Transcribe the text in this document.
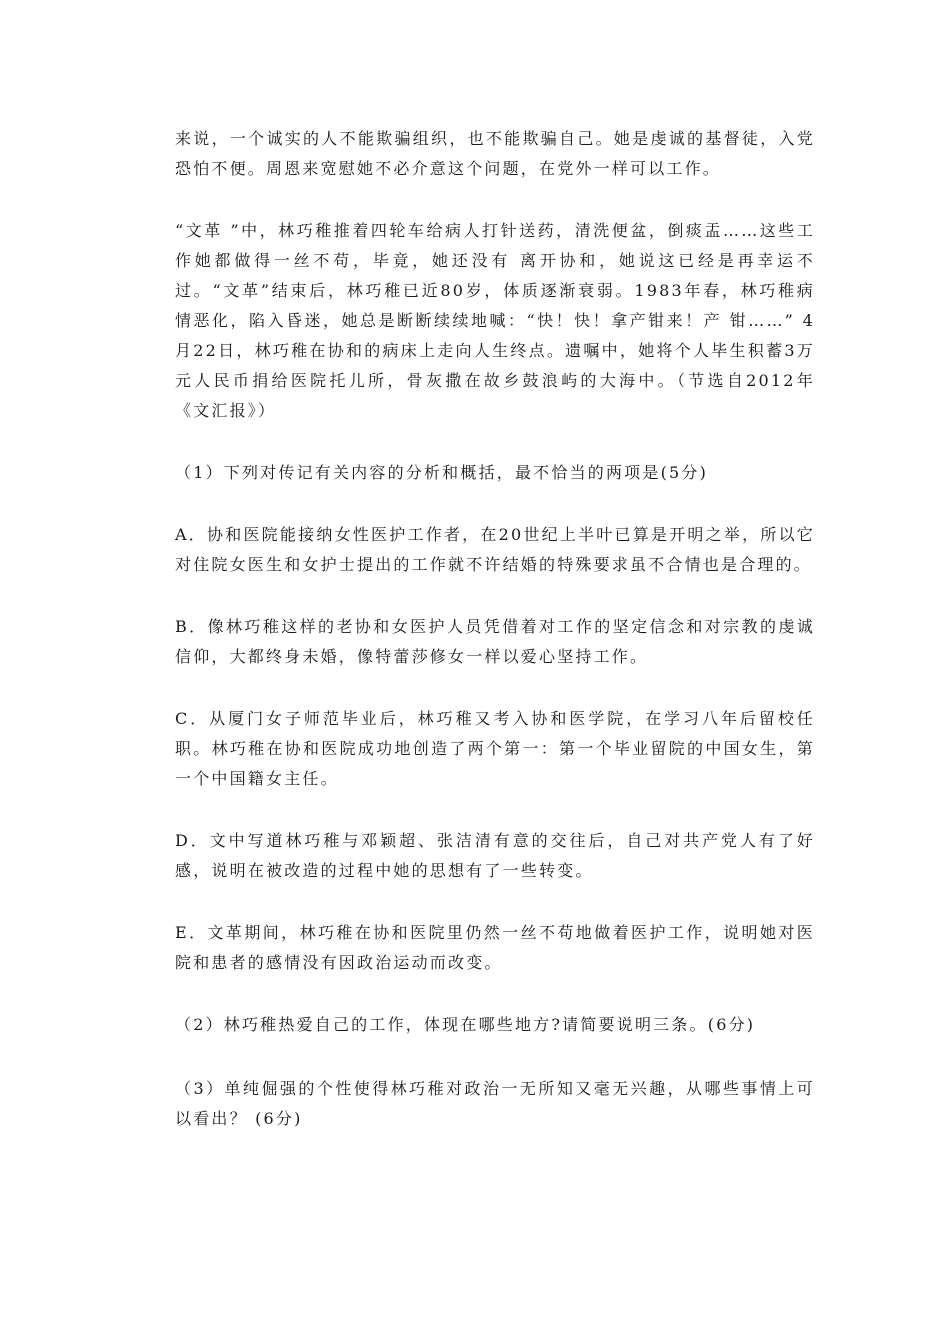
来说，一个诚实的人不能欺骗组织，也不能欺骗自己。她是虔诚的基督徒，入党恐怕不便。周恩来宽慰她不必介意这个问题，在党外一样可以工作。

“文革 ”中，林巧稚推着四轮车给病人打针送药，清洗便盆，倒痰盂……这些工作她都做得一丝不苟，毕竟，她还没有 离开协和，她说这已经是再幸运不过。“文革”结束后，林巧稚已近80岁，体质逐渐衰弱。1983年春，林巧稚病情恶化，陷入昏迷，她总是断断续续地喊：“快！快！拿产钳来！产 钳……” 4月22日，林巧稚在协和的病床上走向人生终点。遗嘱中，她将个人毕生积蓄3万元人民币捐给医院托儿所，骨灰撒在故乡鼓浪屿的大海中。（节选自2012年《文汇报》）

（1）下列对传记有关内容的分析和概括，最不恰当的两项是(5分)

A．协和医院能接纳女性医护工作者，在20世纪上半叶已算是开明之举，所以它对住院女医生和女护士提出的工作就不许结婚的特殊要求虽不合情也是合理的。

B．像林巧稚这样的老协和女医护人员凭借着对工作的坚定信念和对宗教的虔诚信仰，大都终身未婚，像特蕾莎修女一样以爱心坚持工作。

C．从厦门女子师范毕业后，林巧稚又考入协和医学院，在学习八年后留校任职。林巧稚在协和医院成功地创造了两个第一：第一个毕业留院的中国女生，第一个中国籍女主任。

D．文中写道林巧稚与邓颖超、张洁清有意的交往后，自己对共产党人有了好感，说明在被改造的过程中她的思想有了一些转变。

E．文革期间，林巧稚在协和医院里仍然一丝不苟地做着医护工作，说明她对医院和患者的感情没有因政治运动而改变。

（2）林巧稚热爱自己的工作，体现在哪些地方?请简要说明三条。(6分)

（3）单纯倔强的个性使得林巧稚对政治一无所知又毫无兴趣，从哪些事情上可以看出？ (6分)
